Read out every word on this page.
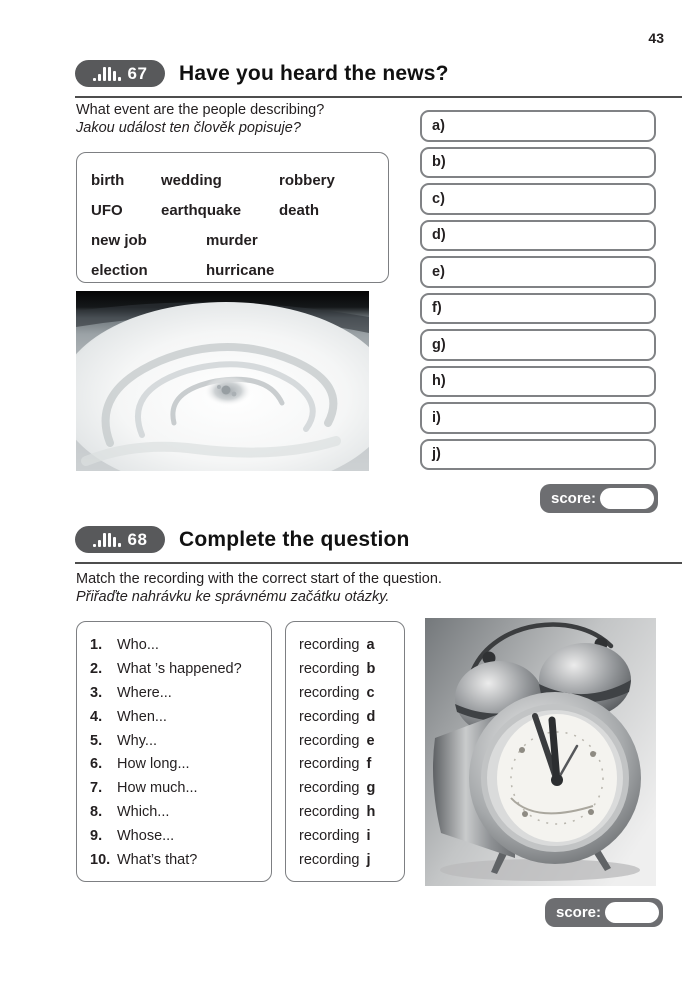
43
67 Have you heard the news?
What event are the people describing?
Jakou událost ten člověk popisuje?
birth	wedding	robbery
UFO	earthquake	death
new job	murder
election	hurricane
a)
b)
c)
d)
e)
f)
g)
h)
i)
j)
score:
68 Complete the question
Match the recording with the correct start of the question.
Přiřaďte nahrávku ke správnému začátku otázky.
1.	Who...
2.	What ’s happened?
3.	Where...
4.	When...
5.	Why...
6.	How long...
7.	How much...
8.	Which...
9.	Whose...
10. What’s that?
recording a
recording b
recording c
recording d
recording e
recording f
recording g
recording h
recording i
recording j
score:
